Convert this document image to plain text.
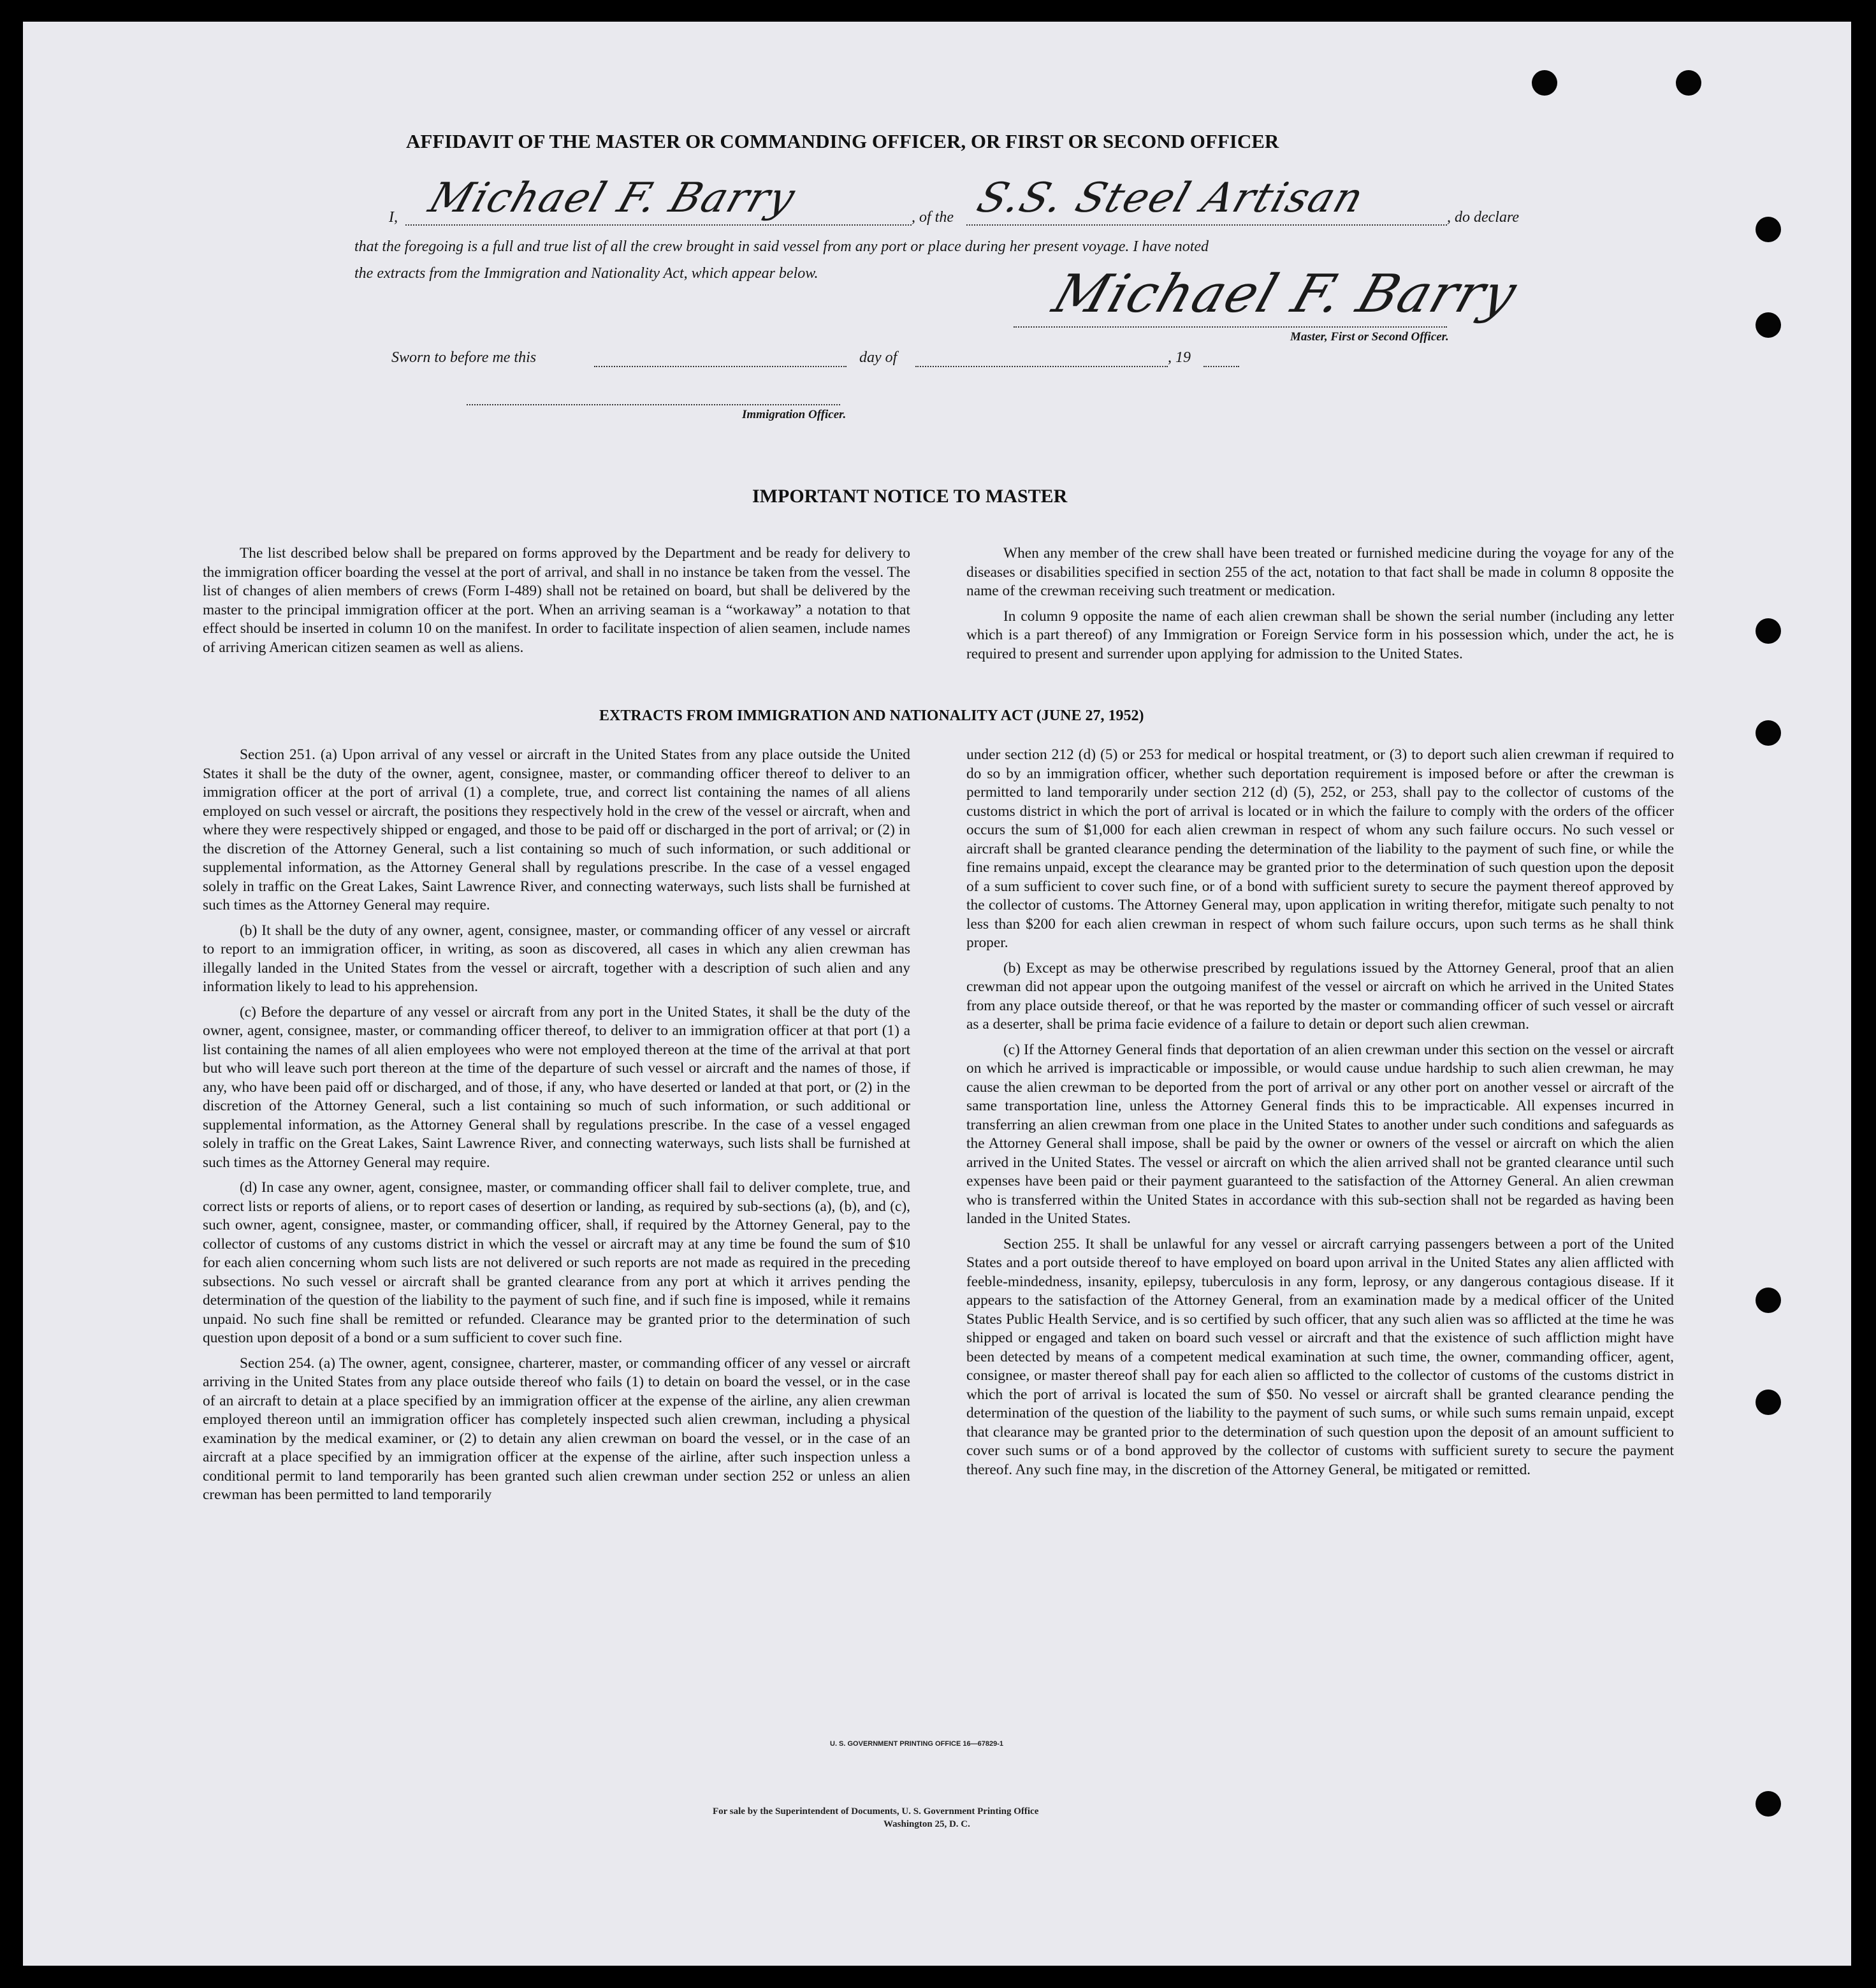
AFFIDAVIT OF THE MASTER OR COMMANDING OFFICER, OR FIRST OR SECOND OFFICER
I, Michael F. Barry	, of the S.S. Steel Artisan	, do declare
that the foregoing is a full and true list of all the crew brought in said vessel from any port or place during her present voyage. I have noted
the extracts from the Immigration and Nationality Act, which appear below.	Michael F. Barry
Master, First or Second Officer.
Sworn to before me this	day of	, 19
Immigration Officer.
IMPORTANT NOTICE TO MASTER

The list described below shall be prepared on forms approved by the Department and be ready for delivery to the immigration officer boarding the vessel at the port of arrival, and shall in no instance be taken from the vessel. The list of changes of alien members of crews (Form I-489) shall not be retained on board, but shall be delivered by the master to the principal immigration officer at the port. When an arriving seaman is a “workaway” a notation to that effect should be inserted in column 10 on the manifest. In order to facilitate inspection of alien seamen, include names of arriving American citizen seamen as well as aliens.

When any member of the crew shall have been treated or furnished medicine during the voyage for any of the diseases or disabilities specified in section 255 of the act, notation to that fact shall be made in column 8 opposite the name of the crewman receiving such treatment or medication.

In column 9 opposite the name of each alien crewman shall be shown the serial number (including any letter which is a part thereof) of any Immigration or Foreign Service form in his possession which, under the act, he is required to present and surrender upon applying for admission to the United States.

EXTRACTS FROM IMMIGRATION AND NATIONALITY ACT (JUNE 27, 1952)

Section 251. (a) Upon arrival of any vessel or aircraft in the United States from any place outside the United States it shall be the duty of the owner, agent, consignee, master, or commanding officer thereof to deliver to an immigration officer at the port of arrival (1) a complete, true, and correct list containing the names of all aliens employed on such vessel or aircraft, the positions they respectively hold in the crew of the vessel or aircraft, when and where they were respectively shipped or engaged, and those to be paid off or discharged in the port of arrival; or (2) in the discretion of the Attorney General, such a list containing so much of such information, or such additional or supplemental information, as the Attorney General shall by regulations prescribe. In the case of a vessel engaged solely in traffic on the Great Lakes, Saint Lawrence River, and connecting waterways, such lists shall be furnished at such times as the Attorney General may require.

(b) It shall be the duty of any owner, agent, consignee, master, or commanding officer of any vessel or aircraft to report to an immigration officer, in writing, as soon as discovered, all cases in which any alien crewman has illegally landed in the United States from the vessel or aircraft, together with a description of such alien and any information likely to lead to his apprehension.

(c) Before the departure of any vessel or aircraft from any port in the United States, it shall be the duty of the owner, agent, consignee, master, or commanding officer thereof, to deliver to an immigration officer at that port (1) a list containing the names of all alien employees who were not employed thereon at the time of the arrival at that port but who will leave such port thereon at the time of the departure of such vessel or aircraft and the names of those, if any, who have been paid off or discharged, and of those, if any, who have deserted or landed at that port, or (2) in the discretion of the Attorney General, such a list containing so much of such information, or such additional or supplemental information, as the Attorney General shall by regulations prescribe. In the case of a vessel engaged solely in traffic on the Great Lakes, Saint Lawrence River, and connecting waterways, such lists shall be furnished at such times as the Attorney General may require.

(d) In case any owner, agent, consignee, master, or commanding officer shall fail to deliver complete, true, and correct lists or reports of aliens, or to report cases of desertion or landing, as required by sub-sections (a), (b), and (c), such owner, agent, consignee, master, or commanding officer, shall, if required by the Attorney General, pay to the collector of customs of any customs district in which the vessel or aircraft may at any time be found the sum of $10 for each alien concerning whom such lists are not delivered or such reports are not made as required in the preceding subsections. No such vessel or aircraft shall be granted clearance from any port at which it arrives pending the determination of the question of the liability to the payment of such fine, and if such fine is imposed, while it remains unpaid. No such fine shall be remitted or refunded. Clearance may be granted prior to the determination of such question upon deposit of a bond or a sum sufficient to cover such fine.

Section 254. (a) The owner, agent, consignee, charterer, master, or commanding officer of any vessel or aircraft arriving in the United States from any place outside thereof who fails (1) to detain on board the vessel, or in the case of an aircraft to detain at a place specified by an immigration officer at the expense of the airline, any alien crewman employed thereon until an immigration officer has completely inspected such alien crewman, including a physical examination by the medical examiner, or (2) to detain any alien crewman on board the vessel, or in the case of an aircraft at a place specified by an immigration officer at the expense of the airline, after such inspection unless a conditional permit to land temporarily has been granted such alien crewman under section 252 or unless an alien crewman has been permitted to land temporarily

under section 212 (d) (5) or 253 for medical or hospital treatment, or (3) to deport such alien crewman if required to do so by an immigration officer, whether such deportation requirement is imposed before or after the crewman is permitted to land temporarily under section 212 (d) (5), 252, or 253, shall pay to the collector of customs of the customs district in which the port of arrival is located or in which the failure to comply with the orders of the officer occurs the sum of $1,000 for each alien crewman in respect of whom any such failure occurs. No such vessel or aircraft shall be granted clearance pending the determination of the liability to the payment of such fine, or while the fine remains unpaid, except the clearance may be granted prior to the determination of such question upon the deposit of a sum sufficient to cover such fine, or of a bond with sufficient surety to secure the payment thereof approved by the collector of customs. The Attorney General may, upon application in writing therefor, mitigate such penalty to not less than $200 for each alien crewman in respect of whom such failure occurs, upon such terms as he shall think proper.

(b) Except as may be otherwise prescribed by regulations issued by the Attorney General, proof that an alien crewman did not appear upon the outgoing manifest of the vessel or aircraft on which he arrived in the United States from any place outside thereof, or that he was reported by the master or commanding officer of such vessel or aircraft as a deserter, shall be prima facie evidence of a failure to detain or deport such alien crewman.

(c) If the Attorney General finds that deportation of an alien crewman under this section on the vessel or aircraft on which he arrived is impracticable or impossible, or would cause undue hardship to such alien crewman, he may cause the alien crewman to be deported from the port of arrival or any other port on another vessel or aircraft of the same transportation line, unless the Attorney General finds this to be impracticable. All expenses incurred in transferring an alien crewman from one place in the United States to another under such conditions and safeguards as the Attorney General shall impose, shall be paid by the owner or owners of the vessel or aircraft on which the alien arrived in the United States. The vessel or aircraft on which the alien arrived shall not be granted clearance until such expenses have been paid or their payment guaranteed to the satisfaction of the Attorney General. An alien crewman who is transferred within the United States in accordance with this sub-section shall not be regarded as having been landed in the United States.

Section 255. It shall be unlawful for any vessel or aircraft carrying passengers between a port of the United States and a port outside thereof to have employed on board upon arrival in the United States any alien afflicted with feeble-mindedness, insanity, epilepsy, tuberculosis in any form, leprosy, or any dangerous contagious disease. If it appears to the satisfaction of the Attorney General, from an examination made by a medical officer of the United States Public Health Service, and is so certified by such officer, that any such alien was so afflicted at the time he was shipped or engaged and taken on board such vessel or aircraft and that the existence of such affliction might have been detected by means of a competent medical examination at such time, the owner, commanding officer, agent, consignee, or master thereof shall pay for each alien so afflicted to the collector of customs of the customs district in which the port of arrival is located the sum of $50. No vessel or aircraft shall be granted clearance pending the determination of the question of the liability to the payment of such sums, or while such sums remain unpaid, except that clearance may be granted prior to the determination of such question upon the deposit of an amount sufficient to cover such sums or of a bond approved by the collector of customs with sufficient surety to secure the payment thereof. Any such fine may, in the discretion of the Attorney General, be mitigated or remitted.

U. S. GOVERNMENT PRINTING OFFICE 16—67829-1
For sale by the Superintendent of Documents, U. S. Government Printing Office
Washington 25, D. C.
